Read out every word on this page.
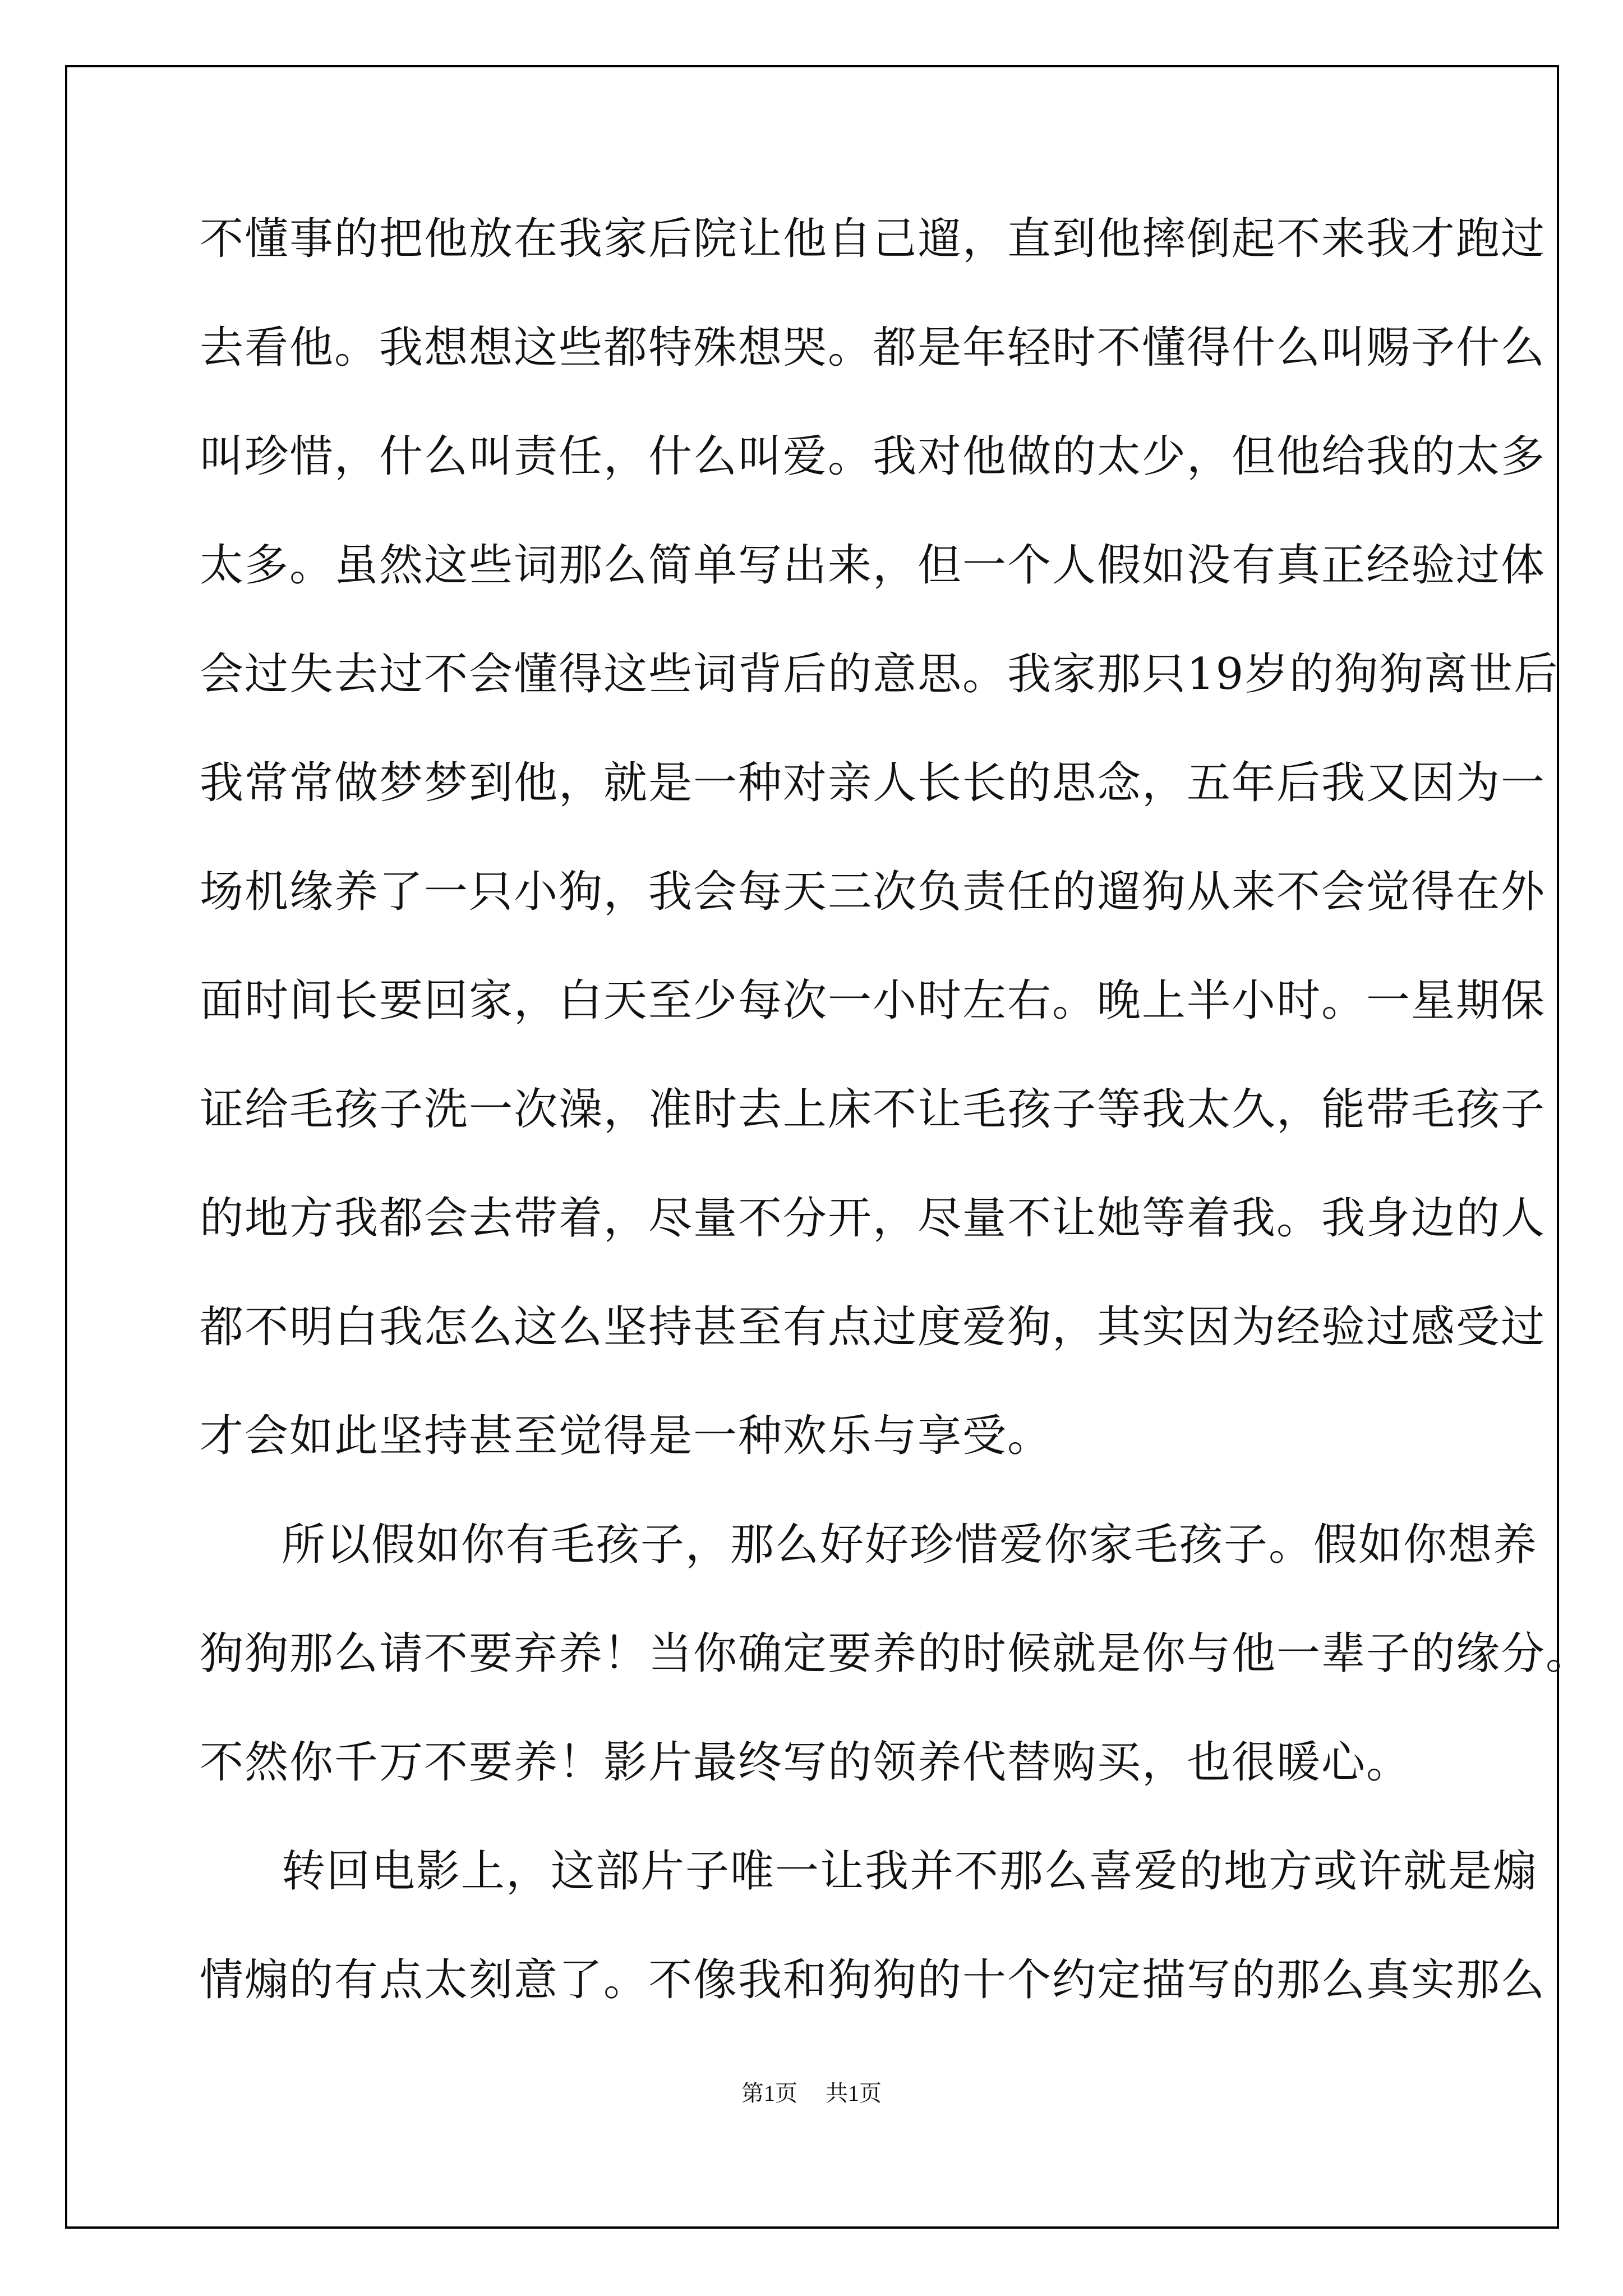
不懂事的把他放在我家后院让他自己遛，直到他摔倒起不来我才跑过
去看他。我想想这些都特殊想哭。都是年轻时不懂得什么叫赐予什么
叫珍惜，什么叫责任，什么叫爱。我对他做的太少，但他给我的太多
太多。虽然这些词那么简单写出来，但一个人假如没有真正经验过体
会过失去过不会懂得这些词背后的意思。我家那只19岁的狗狗离世后
我常常做梦梦到他，就是一种对亲人长长的思念，五年后我又因为一
场机缘养了一只小狗，我会每天三次负责任的遛狗从来不会觉得在外
面时间长要回家，白天至少每次一小时左右。晚上半小时。一星期保
证给毛孩子洗一次澡，准时去上床不让毛孩子等我太久，能带毛孩子
的地方我都会去带着，尽量不分开，尽量不让她等着我。我身边的人
都不明白我怎么这么坚持甚至有点过度爱狗，其实因为经验过感受过
才会如此坚持甚至觉得是一种欢乐与享受。
所以假如你有毛孩子，那么好好珍惜爱你家毛孩子。假如你想养
狗狗那么请不要弃养！当你确定要养的时候就是你与他一辈子的缘分。
不然你千万不要养！影片最终写的领养代替购买，也很暖心。
转回电影上，这部片子唯一让我并不那么喜爱的地方或许就是煽
情煽的有点太刻意了。不像我和狗狗的十个约定描写的那么真实那么
第1页 共1页
